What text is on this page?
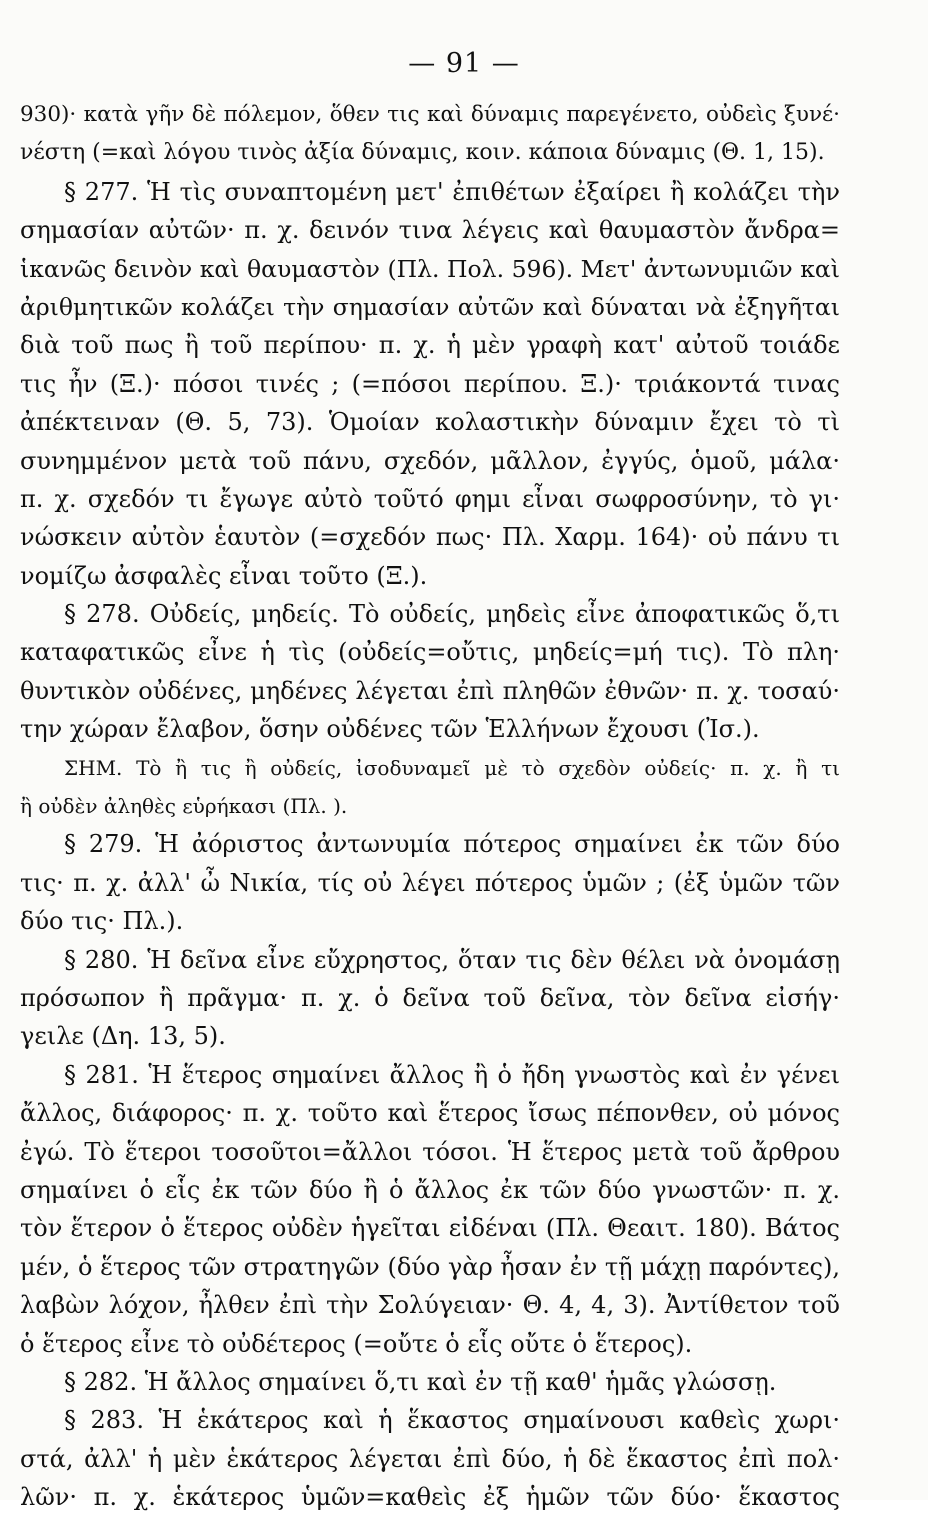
— 91 —
930)· κατὰ γῆν δὲ πόλεμον, ὅθεν τις καὶ δύναμις παρεγένετο, οὐδεὶς ξυνέ·
νέστη (=καὶ λόγου τινὸς ἀξία δύναμις, κοιν. κάποια δύναμις (Θ. 1, 15).
§ 277. Ἡ τὶς συναπτομένη μετ' ἐπιθέτων ἐξαίρει ἢ κολάζει τὴν
σημασίαν αὐτῶν· π. χ. δεινόν τινα λέγεις καὶ θαυμαστὸν ἄνδρα=
ἱκανῶς δεινὸν καὶ θαυμαστὸν (Πλ. Πολ. 596). Μετ' ἀντωνυμιῶν καὶ
ἀριθμητικῶν κολάζει τὴν σημασίαν αὐτῶν καὶ δύναται νὰ ἐξηγῆται
διὰ τοῦ πως ἢ τοῦ περίπου· π. χ. ἡ μὲν γραφὴ κατ' αὐτοῦ τοιάδε
τις ἦν (Ξ.)· πόσοι τινές ; (=πόσοι περίπου. Ξ.)· τριάκοντά τινας
ἀπέκτειναν (Θ. 5, 73). Ὁμοίαν κολαστικὴν δύναμιν ἔχει τὸ τὶ
συνημμένον μετὰ τοῦ πάνυ, σχεδόν, μᾶλλον, ἐγγύς, ὁμοῦ, μάλα·
π. χ. σχεδόν τι ἔγωγε αὐτὸ τοῦτό φημι εἶναι σωφροσύνην, τὸ γι·
νώσκειν αὐτὸν ἑαυτὸν (=σχεδόν πως· Πλ. Χαρμ. 164)· οὐ πάνυ τι
νομίζω ἀσφαλὲς εἶναι τοῦτο (Ξ.).
§ 278. Οὐδείς, μηδείς. Τὸ οὐδείς, μηδεὶς εἶνε ἀποφατικῶς ὅ,τι
καταφατικῶς εἶνε ἡ τὶς (οὐδείς=οὔτις, μηδείς=μή τις). Τὸ πλη·
θυντικὸν οὐδένες, μηδένες λέγεται ἐπὶ πληθῶν ἐθνῶν· π. χ. τοσαύ·
την χώραν ἔλαβον, ὅσην οὐδένες τῶν Ἑλλήνων ἔχουσι (Ἰσ.).
ΣΗΜ. Τὸ ἢ τις ἢ οὐδείς, ἰσοδυναμεῖ μὲ τὸ σχεδὸν οὐδείς· π. χ. ἢ τι
ἢ οὐδὲν ἀληθὲς εὑρήκασι (Πλ. ).
§ 279. Ἡ ἀόριστος ἀντωνυμία πότερος σημαίνει ἐκ τῶν δύο
τις· π. χ. ἀλλ' ὦ Νικία, τίς οὐ λέγει πότερος ὑμῶν ; (ἐξ ὑμῶν τῶν
δύο τις· Πλ.).
§ 280. Ἡ δεῖνα εἶνε εὔχρηστος, ὅταν τις δὲν θέλει νὰ ὀνομάσῃ
πρόσωπον ἢ πρᾶγμα· π. χ. ὁ δεῖνα τοῦ δεῖνα, τὸν δεῖνα εἰσήγ·
γειλε (Δη. 13, 5).
§ 281. Ἡ ἕτερος σημαίνει ἄλλος ἢ ὁ ἤδη γνωστὸς καὶ ἐν γένει
ἄλλος, διάφορος· π. χ. τοῦτο καὶ ἕτερος ἴσως πέπονθεν, οὐ μόνος
ἐγώ. Τὸ ἕτεροι τοσοῦτοι=ἄλλοι τόσοι. Ἡ ἕτερος μετὰ τοῦ ἄρθρου
σημαίνει ὁ εἷς ἐκ τῶν δύο ἢ ὁ ἄλλος ἐκ τῶν δύο γνωστῶν· π. χ.
τὸν ἕτερον ὁ ἕτερος οὐδὲν ἡγεῖται εἰδέναι (Πλ. Θεαιτ. 180). Βάτος
μέν, ὁ ἕτερος τῶν στρατηγῶν (δύο γὰρ ἦσαν ἐν τῇ μάχῃ παρόντες),
λαβὼν λόχον, ἦλθεν ἐπὶ τὴν Σολύγειαν· Θ. 4, 4, 3). Ἀντίθετον τοῦ
ὁ ἕτερος εἶνε τὸ οὐδέτερος (=οὔτε ὁ εἷς οὔτε ὁ ἕτερος).
§ 282. Ἡ ἄλλος σημαίνει ὅ,τι καὶ ἐν τῇ καθ' ἡμᾶς γλώσσῃ.
§ 283. Ἡ ἑκάτερος καὶ ἡ ἕκαστος σημαίνουσι καθεὶς χωρι·
στά, ἀλλ' ἡ μὲν ἑκάτερος λέγεται ἐπὶ δύο, ἡ δὲ ἕκαστος ἐπὶ πολ·
λῶν· π. χ. ἑκάτερος ὑμῶν=καθεὶς ἐξ ἡμῶν τῶν δύο· ἕκαστος
